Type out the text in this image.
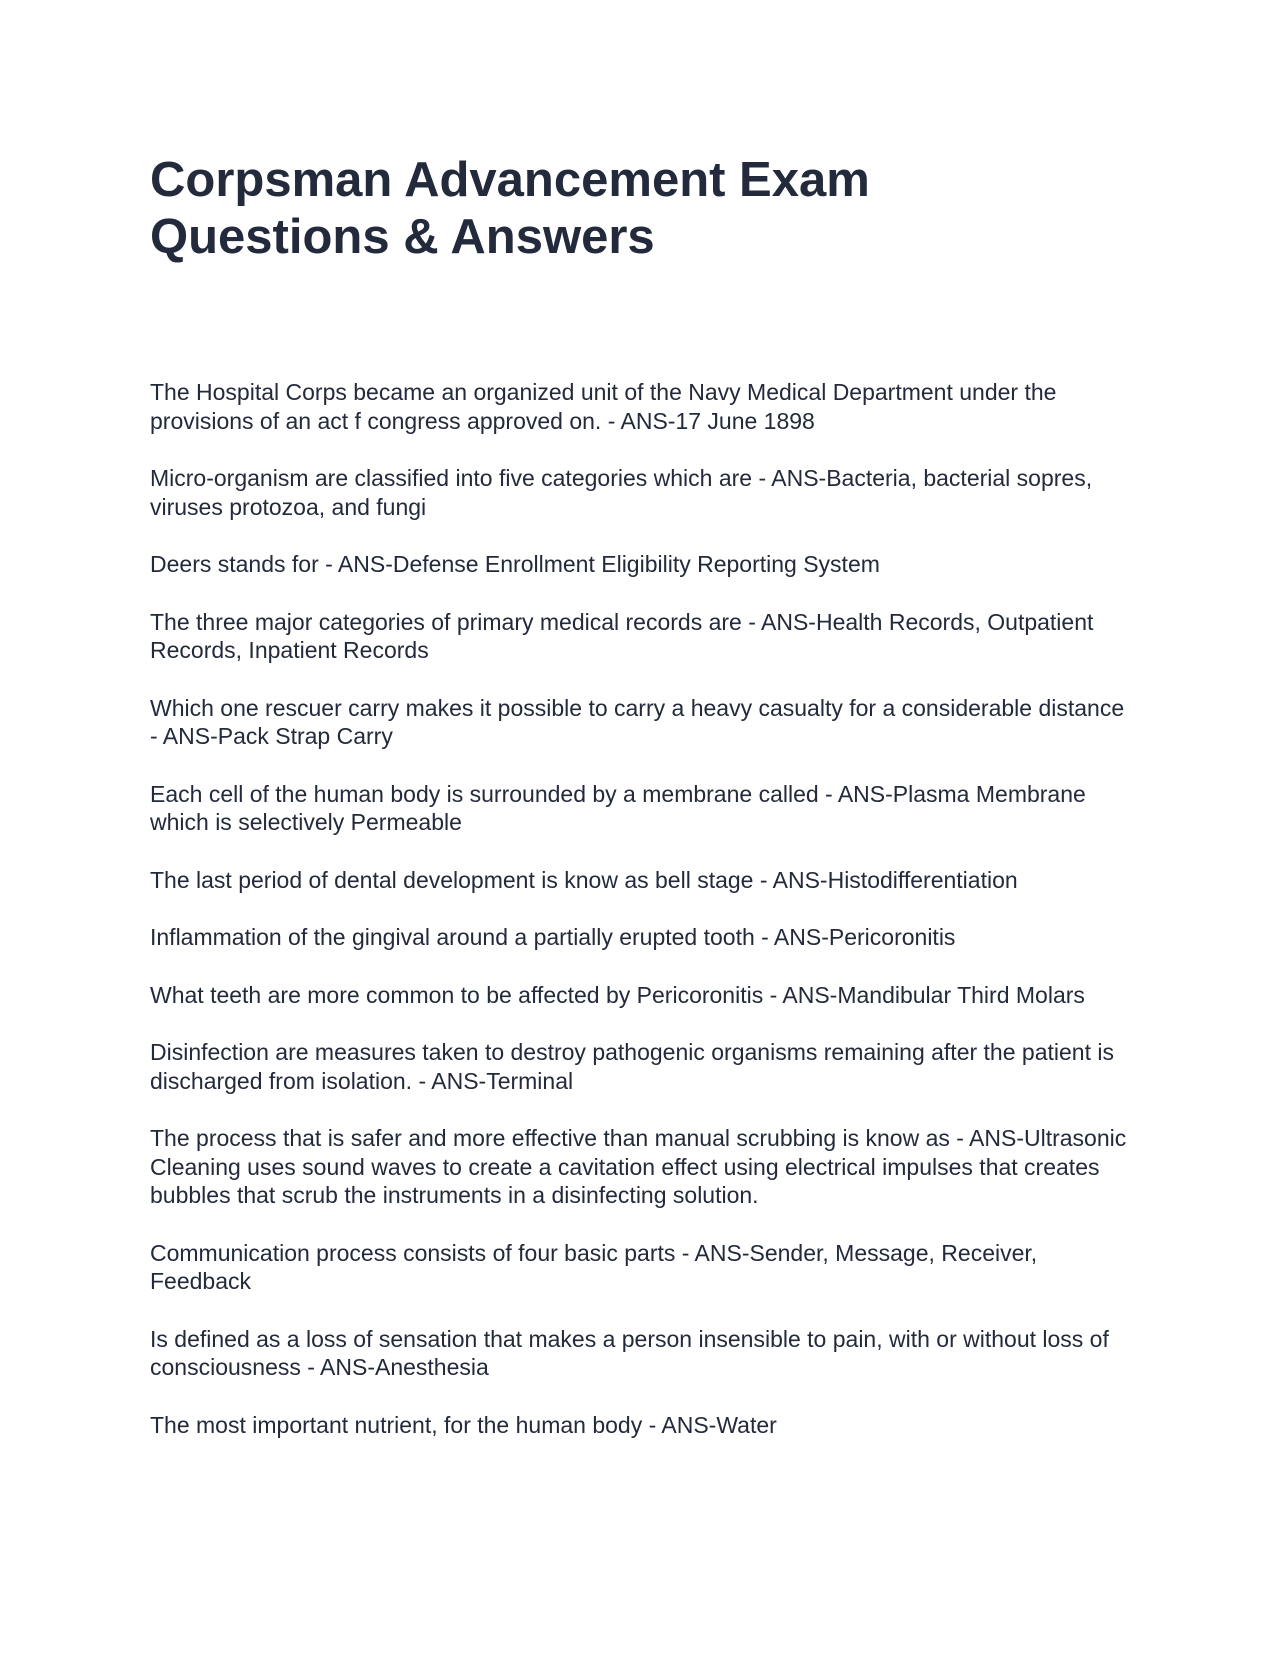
Corpsman Advancement Exam
Questions & Answers

The Hospital Corps became an organized unit of the Navy Medical Department under the provisions of an act f congress approved on. - ANS-17 June 1898

Micro-organism are classified into five categories which are - ANS-Bacteria, bacterial sopres, viruses protozoa, and fungi

Deers stands for - ANS-Defense Enrollment Eligibility Reporting System

The three major categories of primary medical records are - ANS-Health Records, Outpatient Records, Inpatient Records

Which one rescuer carry makes it possible to carry a heavy casualty for a considerable distance - ANS-Pack Strap Carry

Each cell of the human body is surrounded by a membrane called - ANS-Plasma Membrane which is selectively Permeable

The last period of dental development is know as bell stage - ANS-Histodifferentiation

Inflammation of the gingival around a partially erupted tooth - ANS-Pericoronitis

What teeth are more common to be affected by Pericoronitis - ANS-Mandibular Third Molars

Disinfection are measures taken to destroy pathogenic organisms remaining after the patient is discharged from isolation. - ANS-Terminal

The process that is safer and more effective than manual scrubbing is know as - ANS-Ultrasonic Cleaning uses sound waves to create a cavitation effect using electrical impulses that creates bubbles that scrub the instruments in a disinfecting solution.

Communication process consists of four basic parts - ANS-Sender, Message, Receiver, Feedback

Is defined as a loss of sensation that makes a person insensible to pain, with or without loss of consciousness - ANS-Anesthesia

The most important nutrient, for the human body - ANS-Water
